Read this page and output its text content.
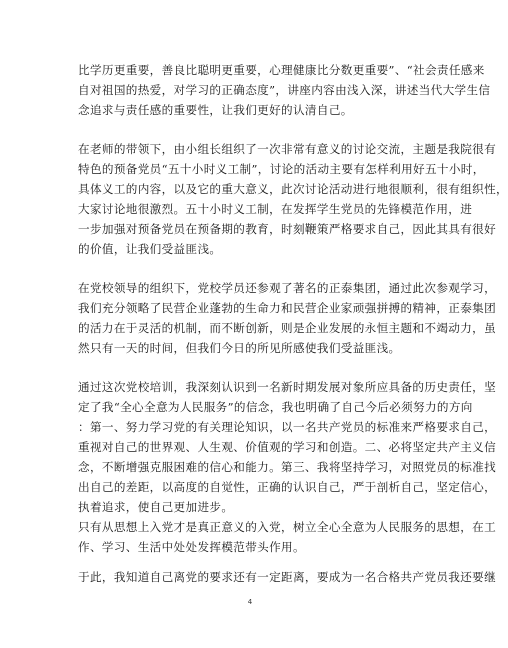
比学历更重要，善良比聪明更重要，心理健康比分数更重要”、“社会责任感来
自对祖国的热爱，对学习的正确态度”，讲座内容由浅入深，讲述当代大学生信
念追求与责任感的重要性，让我们更好的认清自己。
在老师的带领下，由小组长组织了一次非常有意义的讨论交流，主题是我院很有
特色的预备党员“五十小时义工制”，讨论的活动主要有怎样利用好五十小时，
具体义工的内容，以及它的重大意义，此次讨论活动进行地很顺利，很有组织性，
大家讨论地很激烈。五十小时义工制，在发挥学生党员的先锋模范作用，进
一步加强对预备党员在预备期的教育，时刻鞭策严格要求自己，因此其具有很好
的价值，让我们受益匪浅。
在党校领导的组织下，党校学员还参观了著名的正泰集团，通过此次参观学习，
我们充分领略了民营企业蓬勃的生命力和民营企业家顽强拼搏的精神，正泰集团
的活力在于灵活的机制，而不断创新，则是企业发展的永恒主题和不竭动力，虽
然只有一天的时间，但我们今日的所见所感使我们受益匪浅。
通过这次党校培训，我深刻认识到一名新时期发展对象所应具备的历史责任，坚
定了我“全心全意为人民服务”的信念，我也明确了自己今后必须努力的方向
：第一、努力学习党的有关理论知识，以一名共产党员的标准来严格要求自己，
重视对自己的世界观、人生观、价值观的学习和创造。二、必将坚定共产主义信
念，不断增强克服困难的信心和能力。第三、我将坚持学习，对照党员的标准找
出自己的差距，以高度的自觉性，正确的认识自己，严于剖析自己，坚定信心，
执着追求，使自己更加进步。
只有从思想上入党才是真正意义的入党，树立全心全意为人民服务的思想，在工
作、学习、生活中处处发挥模范带头作用。
于此，我知道自己离党的要求还有一定距离，要成为一名合格共产党员我还要继
4
